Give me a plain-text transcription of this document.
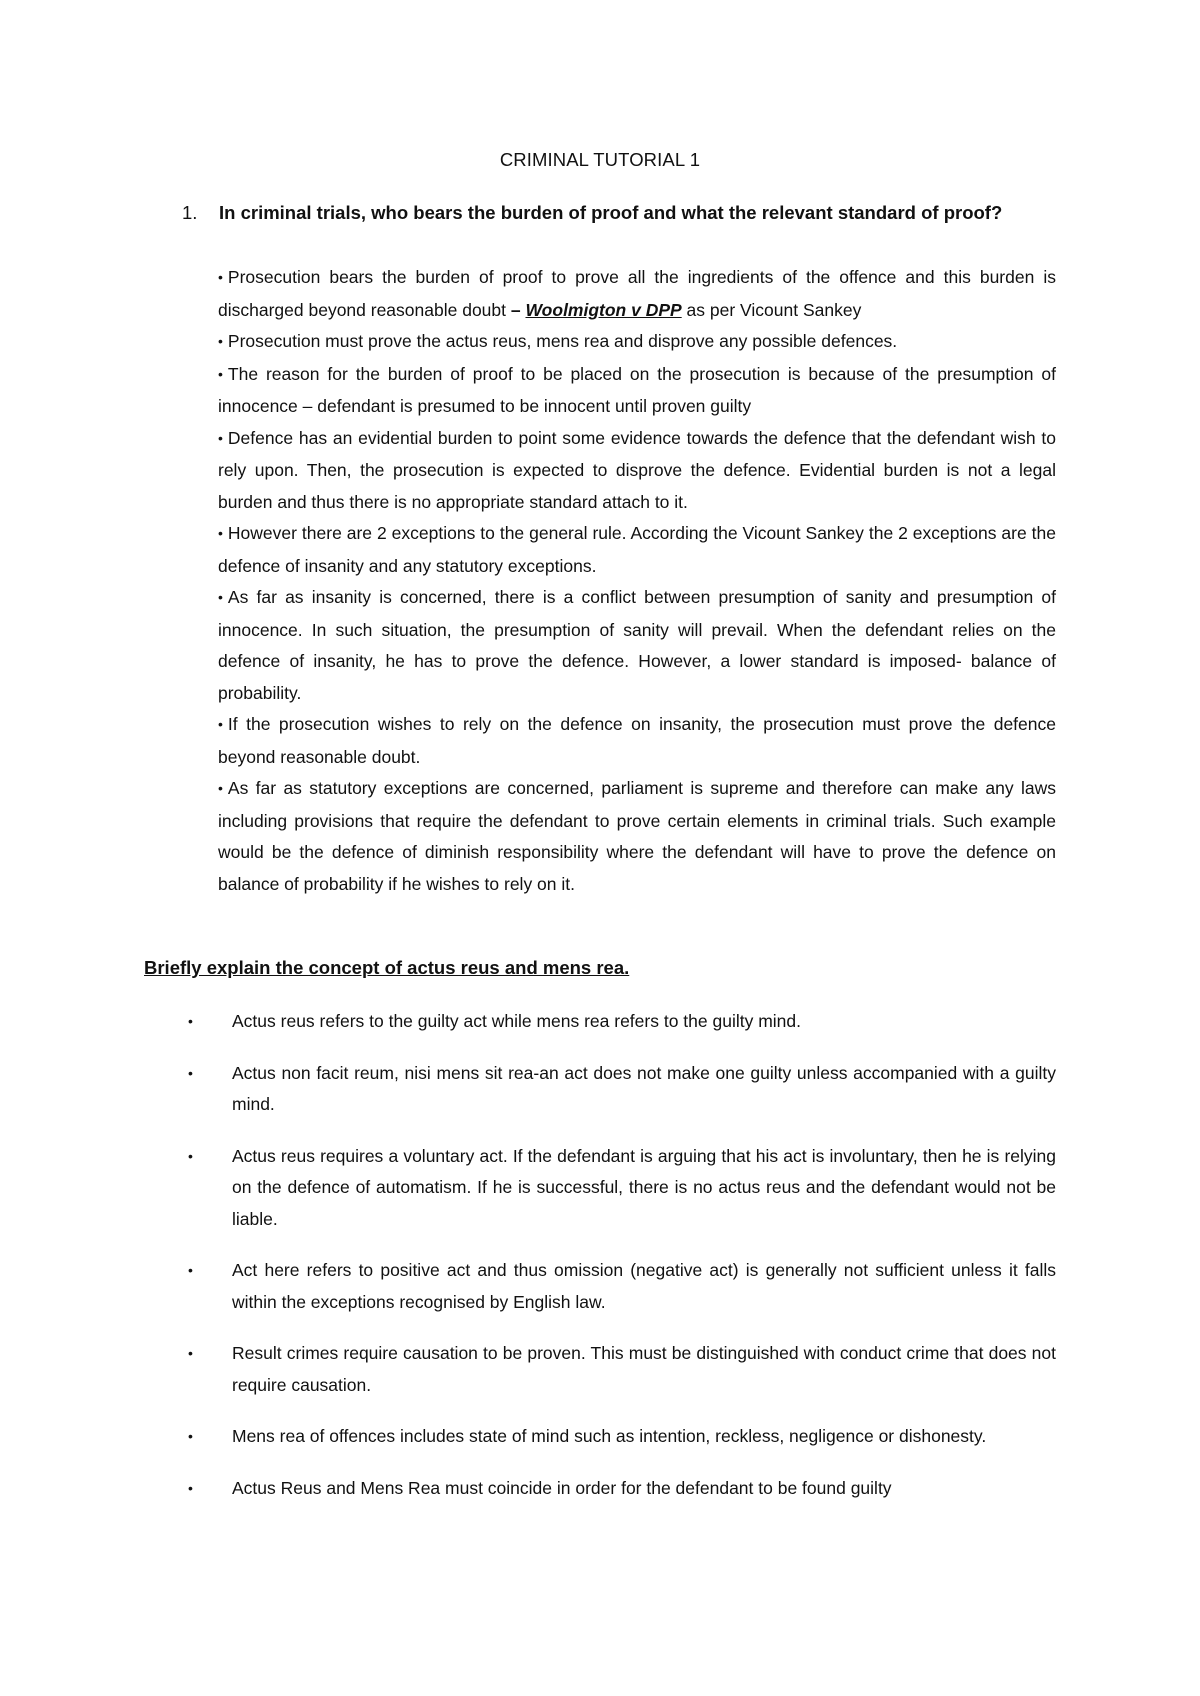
CRIMINAL TUTORIAL 1
1.	In criminal trials, who bears the burden of proof and what the relevant standard of proof?

• Prosecution bears the burden of proof to prove all the ingredients of the offence and this burden is discharged beyond reasonable doubt – Woolmigton v DPP as per Vicount Sankey

• Prosecution must prove the actus reus, mens rea and disprove any possible defences.

• The reason for the burden of proof to be placed on the prosecution is because of the presumption of innocence – defendant is presumed to be innocent until proven guilty

• Defence has an evidential burden to point some evidence towards the defence that the defendant wish to rely upon. Then, the prosecution is expected to disprove the defence. Evidential burden is not a legal burden and thus there is no appropriate standard attach to it.

• However there are 2 exceptions to the general rule. According the Vicount Sankey the 2 exceptions are the defence of insanity and any statutory exceptions.

• As far as insanity is concerned, there is a conflict between presumption of sanity and presumption of innocence. In such situation, the presumption of sanity will prevail. When the defendant relies on the defence of insanity, he has to prove the defence. However, a lower standard is imposed- balance of probability.

• If the prosecution wishes to rely on the defence on insanity, the prosecution must prove the defence beyond reasonable doubt.

• As far as statutory exceptions are concerned, parliament is supreme and therefore can make any laws including provisions that require the defendant to prove certain elements in criminal trials. Such example would be the defence of diminish responsibility where the defendant will have to prove the defence on balance of probability if he wishes to rely on it.

Briefly explain the concept of actus reus and mens rea.
•	Actus reus refers to the guilty act while mens rea refers to the guilty mind.
•	Actus non facit reum, nisi mens sit rea-an act does not make one guilty unless accompanied with a guilty mind.
•	Actus reus requires a voluntary act. If the defendant is arguing that his act is involuntary, then he is relying on the defence of automatism. If he is successful, there is no actus reus and the defendant would not be liable.
•	Act here refers to positive act and thus omission (negative act) is generally not sufficient unless it falls within the exceptions recognised by English law.
•	Result crimes require causation to be proven. This must be distinguished with conduct crime that does not require causation.
•	Mens rea of offences includes state of mind such as intention, reckless, negligence or dishonesty.
•	Actus Reus and Mens Rea must coincide in order for the defendant to be found guilty
